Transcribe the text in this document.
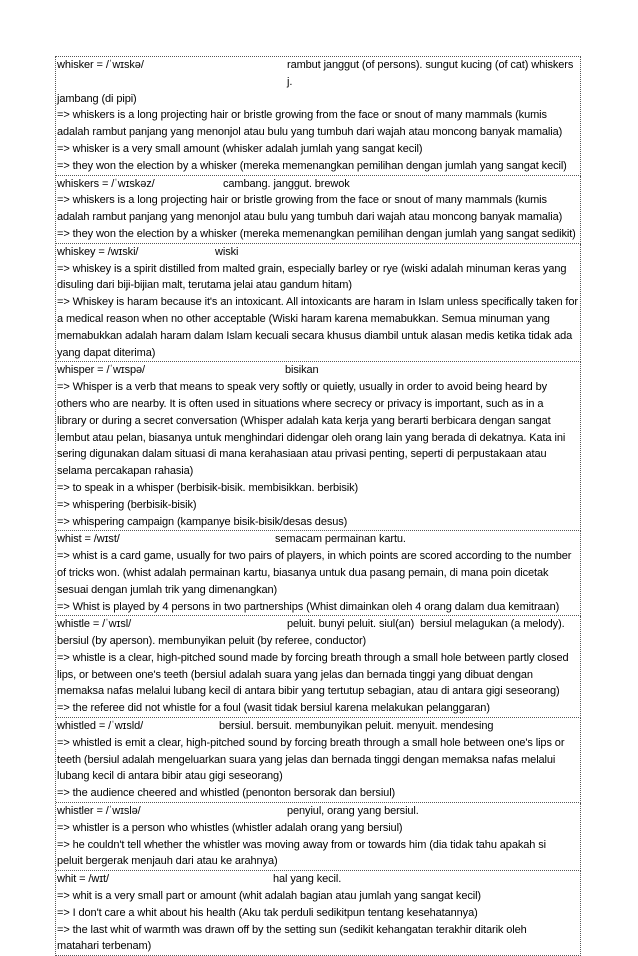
whisker = /ˈwɪskə/	rambut janggut (of persons). sungut kucing (of cat) whiskers j.
jambang (di pipi)
=> whiskers is a long projecting hair or bristle growing from the face or snout of many mammals (kumis
adalah rambut panjang yang menonjol atau bulu yang tumbuh dari wajah atau moncong banyak mamalia)
=> whisker is a very small amount (whisker adalah jumlah yang sangat kecil)
=> they won the election by a whisker (mereka memenangkan pemilihan dengan jumlah yang sangat kecil)
whiskers = /ˈwɪskəz/	cambang. janggut. brewok
=> whiskers is a long projecting hair or bristle growing from the face or snout of many mammals (kumis
adalah rambut panjang yang menonjol atau bulu yang tumbuh dari wajah atau moncong banyak mamalia)
=> they won the election by a whisker (mereka memenangkan pemilihan dengan jumlah yang sangat sedikit)
whiskey = /wɪski/	wiski
=> whiskey is a spirit distilled from malted grain, especially barley or rye (wiski adalah minuman keras yang
disuling dari biji-bijian malt, terutama jelai atau gandum hitam)
=> Whiskey is haram because it's an intoxicant. All intoxicants are haram in Islam unless specifically taken for
a medical reason when no other acceptable (Wiski haram karena memabukkan. Semua minuman yang
memabukkan adalah haram dalam Islam kecuali secara khusus diambil untuk alasan medis ketika tidak ada
yang dapat diterima)
whisper = /ˈwɪspə/	bisikan
=> Whisper is a verb that means to speak very softly or quietly, usually in order to avoid being heard by
others who are nearby. It is often used in situations where secrecy or privacy is important, such as in a
library or during a secret conversation (Whisper adalah kata kerja yang berarti berbicara dengan sangat
lembut atau pelan, biasanya untuk menghindari didengar oleh orang lain yang berada di dekatnya. Kata ini
sering digunakan dalam situasi di mana kerahasiaan atau privasi penting, seperti di perpustakaan atau
selama percakapan rahasia)
=> to speak in a whisper (berbisik-bisik. membisikkan. berbisik)
=> whispering (berbisik-bisik)
=> whispering campaign (kampanye bisik-bisik/desas desus)
whist = /wɪst/	semacam permainan kartu.
=> whist is a card game, usually for two pairs of players, in which points are scored according to the number
of tricks won. (whist adalah permainan kartu, biasanya untuk dua pasang pemain, di mana poin dicetak
sesuai dengan jumlah trik yang dimenangkan)
=> Whist is played by 4 persons in two partnerships (Whist dimainkan oleh 4 orang dalam dua kemitraan)
whistle = /ˈwɪsl/	peluit. bunyi peluit. siul(an)  bersiul melagukan (a melody).
bersiul (by aperson). membunyikan peluit (by referee, conductor)
=> whistle is a clear, high-pitched sound made by forcing breath through a small hole between partly closed
lips, or between one's teeth (bersiul adalah suara yang jelas dan bernada tinggi yang dibuat dengan
memaksa nafas melalui lubang kecil di antara bibir yang tertutup sebagian, atau di antara gigi seseorang)
=> the referee did not whistle for a foul (wasit tidak bersiul karena melakukan pelanggaran)
whistled = /ˈwɪsld/	bersiul. bersuit. membunyikan peluit. menyuit. mendesing
=> whistled is emit a clear, high-pitched sound by forcing breath through a small hole between one's lips or
teeth (bersiul adalah mengeluarkan suara yang jelas dan bernada tinggi dengan memaksa nafas melalui
lubang kecil di antara bibir atau gigi seseorang)
=> the audience cheered and whistled (penonton bersorak dan bersiul)
whistler = /ˈwɪslə/	penyiul, orang yang bersiul.
=> whistler is a person who whistles (whistler adalah orang yang bersiul)
=> he couldn't tell whether the whistler was moving away from or towards him (dia tidak tahu apakah si
peluit bergerak menjauh dari atau ke arahnya)
whit = /wɪt/	hal yang kecil.
=> whit is a very small part or amount (whit adalah bagian atau jumlah yang sangat kecil)
=> I don't care a whit about his health (Aku tak perduli sedikitpun tentang kesehatannya)
=> the last whit of warmth was drawn off by the setting sun (sedikit kehangatan terakhir ditarik oleh
matahari terbenam)
